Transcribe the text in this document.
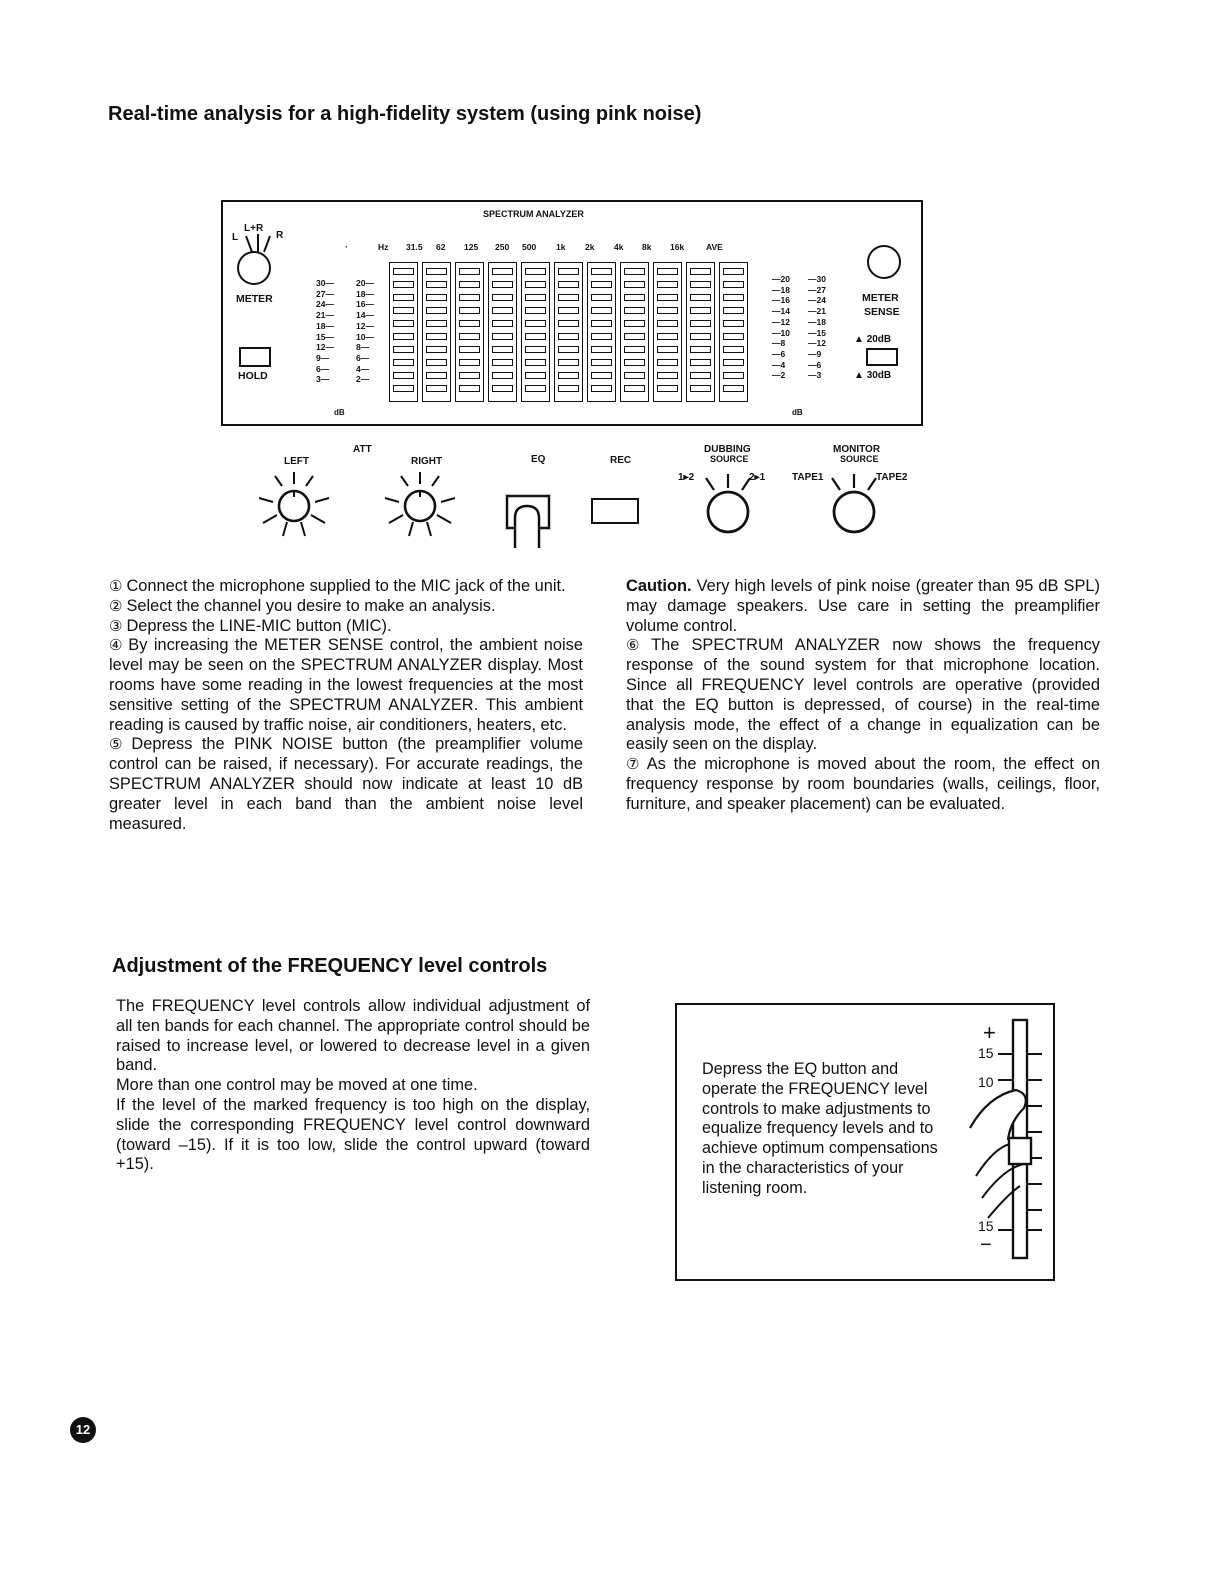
Real-time analysis for a high-fidelity system (using pink noise)
SPECTRUM ANALYZER
L+R
L	R
METER
HOLD
·	Hz 31.5 62 125 250 500 1k 2k 4k 8k 16k	AVE
30—
27—
24—
21—
18—
15—
12—
9—
6—
3—
20—
18—
16—
14—
12—
10—
8—
6—
4—
2—
—20
—18
—16
—14
—12
—10
—8
—6
—4
—2
—30
—27
—24
—21
—18
—15
—12
—9
—6
—3
dB	dB
METER
SENSE
▲ 20dB
▲ 30dB
ATT
LEFT	RIGHT	EQ	REC
DUBBING
SOURCE
1▸2	2▸1
MONITOR
SOURCE
TAPE1	TAPE2

① Connect the microphone supplied to the MIC jack of the unit.

② Select the channel you desire to make an analysis.

③ Depress the LINE-MIC button (MIC).

④ By increasing the METER SENSE control, the ambient noise level may be seen on the SPECTRUM ANALYZER display. Most rooms have some reading in the lowest frequencies at the most sensitive setting of the SPECTRUM ANALYZER. This ambient reading is caused by traffic noise, air conditioners, heaters, etc.

⑤ Depress the PINK NOISE button (the preamplifier volume control can be raised, if necessary). For accurate readings, the SPECTRUM ANALYZER should now indicate at least 10 dB greater level in each band than the ambient noise level measured.

Caution. Very high levels of pink noise (greater than 95 dB SPL) may damage speakers. Use care in setting the preamplifier volume control.

⑥ The SPECTRUM ANALYZER now shows the frequency response of the sound system for that microphone location. Since all FREQUENCY level controls are operative (provided that the EQ button is depressed, of course) in the real-time analysis mode, the effect of a change in equalization can be easily seen on the display.

⑦ As the microphone is moved about the room, the effect on frequency response by room boundaries (walls, ceilings, floor, furniture, and speaker placement) can be evaluated.

Adjustment of the FREQUENCY level controls

The FREQUENCY level controls allow individual adjustment of all ten bands for each channel. The appropriate control should be raised to increase level, or lowered to decrease level in a given band.

More than one control may be moved at one time.

If the level of the marked frequency is too high on the display, slide the corresponding FREQUENCY level control downward (toward –15). If it is too low, slide the control upward (toward +15).

Depress the EQ button and operate the FREQUENCY level controls to make adjustments to equalize frequency levels and to achieve optimum compensations in the characteristics of your listening room.
+
15
10
15
−
12
